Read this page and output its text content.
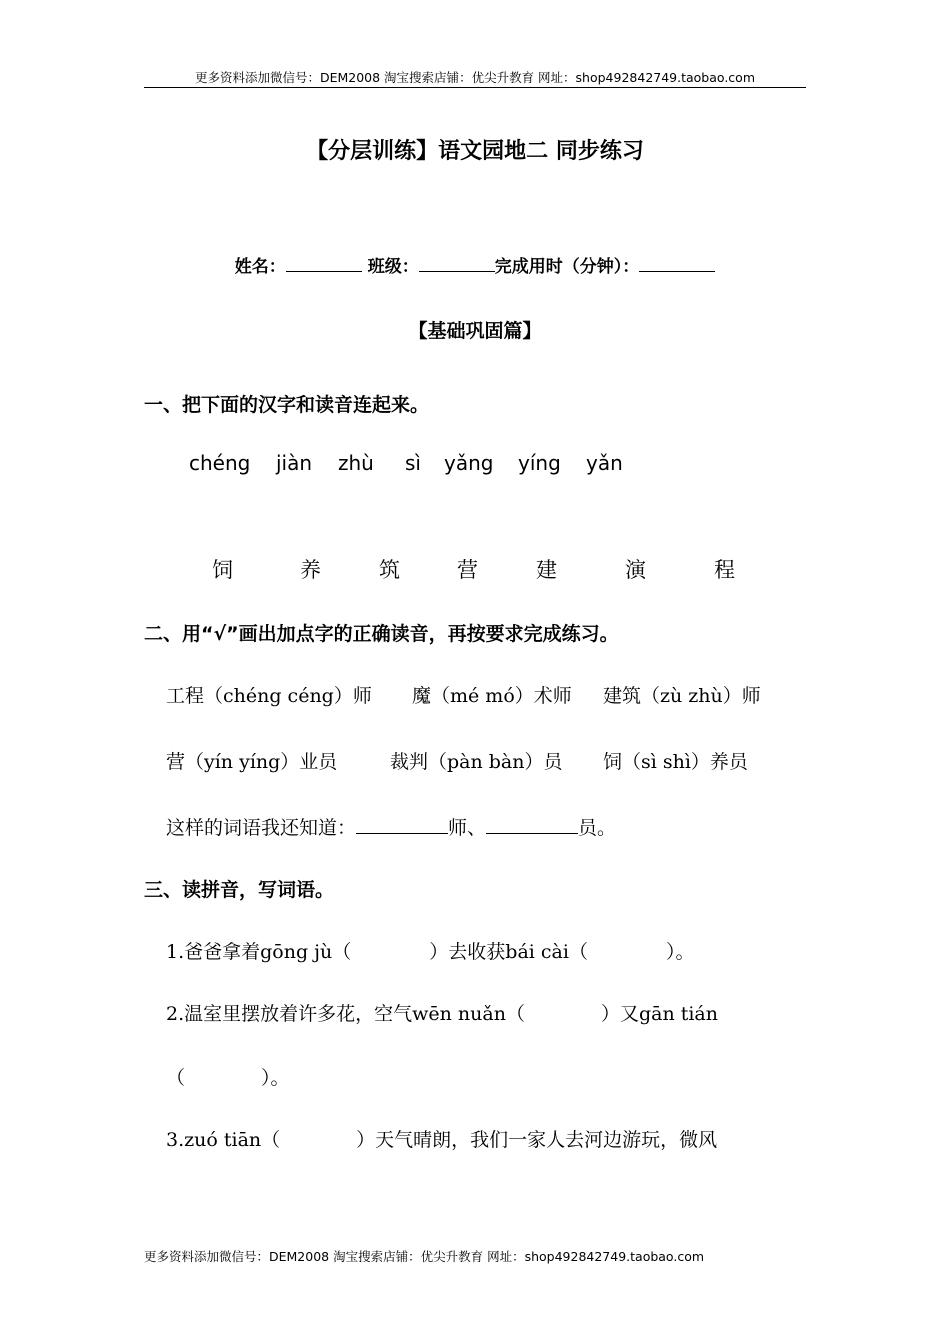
更多资料添加微信号：DEM2008 淘宝搜索店铺：优尖升教育 网址：shop492842749.taobao.com
【分层训练】语文园地二 同步练习
姓名：	班级：	完成用时（分钟）：
【基础巩固篇】
一、把下面的汉字和读音连起来。
chéng jiàn zhù sì yǎng yíng yǎn
饲	养	筑	营	建	演	程
二、用“√”画出加点字的正确读音，再按要求完成练习。
工程（chéng céng）师 魔（mé mó）术师 建筑（zù zhù）师
营（yín yíng）业员	裁判（pàn bàn）员 饲（sì shì）养员
这样的词语我还知道：	师、	员。
三、读拼音，写词语。
1.爸爸拿着gōng jù（	）去收获bái cài（	）。
2.温室里摆放着许多花，空气wēn nuǎn（	）又gān tián
（	）。
3.zuó tiān（	）天气晴朗，我们一家人去河边游玩，微风
更多资料添加微信号：DEM2008 淘宝搜索店铺：优尖升教育 网址：shop492842749.taobao.com
